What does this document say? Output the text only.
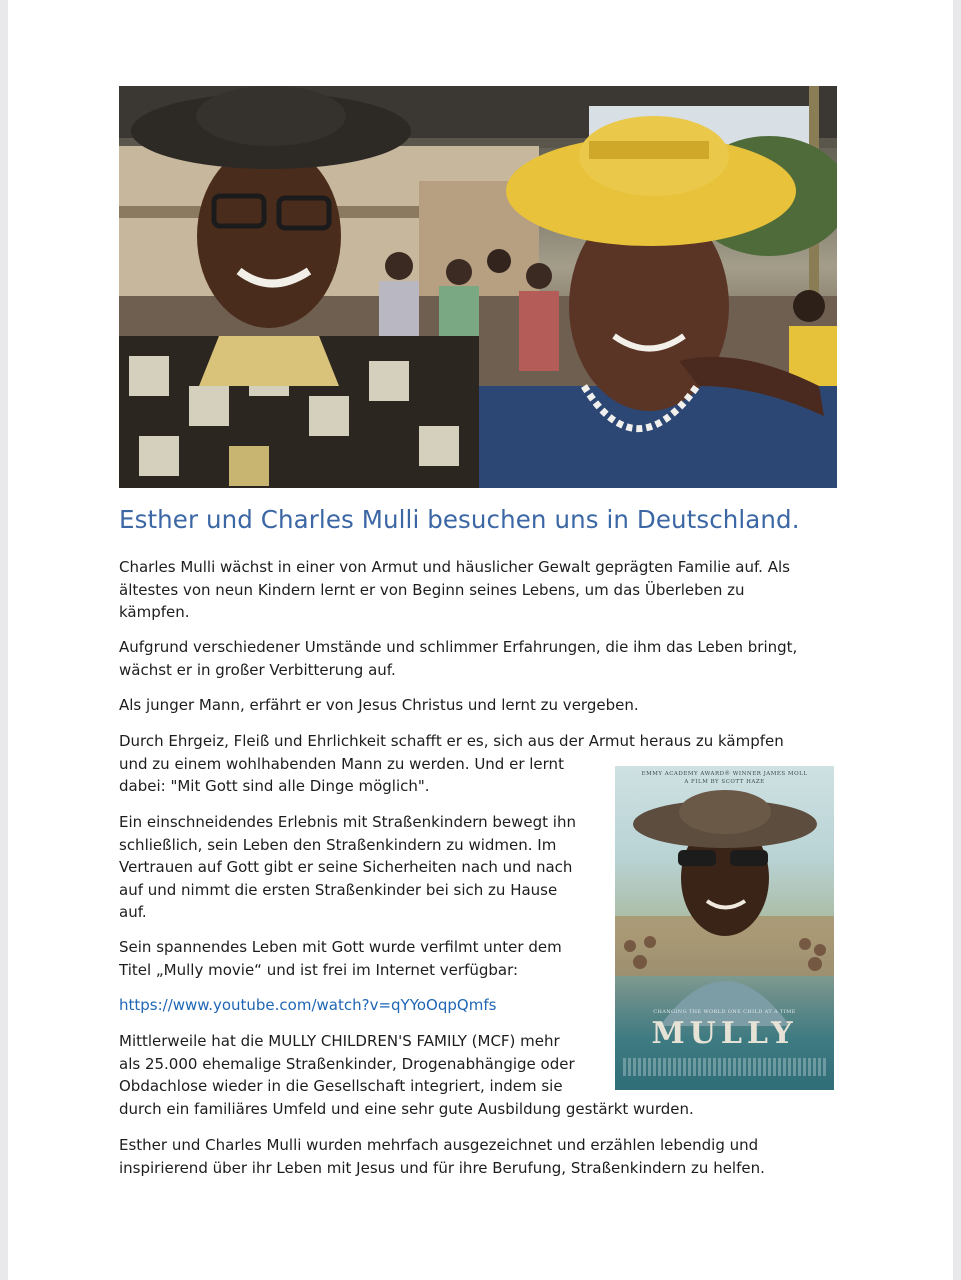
Esther und Charles Mulli besuchen uns in Deutschland.
Charles Mulli wächst in einer von Armut und häuslicher Gewalt geprägten Familie auf. Als
ältestes von neun Kindern lernt er von Beginn seines Lebens, um das Überleben zu
kämpfen.
Aufgrund verschiedener Umstände und schlimmer Erfahrungen, die ihm das Leben bringt,
wächst er in großer Verbitterung auf.
Als junger Mann, erfährt er von Jesus Christus und lernt zu vergeben.
Durch Ehrgeiz, Fleiß und Ehrlichkeit schafft er es, sich aus der Armut heraus zu kämpfen
und zu einem wohlhabenden Mann zu werden. Und er lernt
dabei: "Mit Gott sind alle Dinge möglich".
Ein einschneidendes Erlebnis mit Straßenkindern bewegt ihn
schließlich, sein Leben den Straßenkindern zu widmen. Im
Vertrauen auf Gott gibt er seine Sicherheiten nach und nach
auf und nimmt die ersten Straßenkinder bei sich zu Hause
auf.
Sein spannendes Leben mit Gott wurde verfilmt unter dem
Titel „Mully movie“ und ist frei im Internet verfügbar:
https://www.youtube.com/watch?v=qYYoOqpQmfs
Mittlerweile hat die MULLY CHILDREN'S FAMILY (MCF) mehr
als 25.000 ehemalige Straßenkinder, Drogenabhängige oder
Obdachlose wieder in die Gesellschaft integriert, indem sie
durch ein familiäres Umfeld und eine sehr gute Ausbildung gestärkt wurden.
Esther und Charles Mulli wurden mehrfach ausgezeichnet und erzählen lebendig und
inspirierend über ihr Leben mit Jesus und für ihre Berufung, Straßenkindern zu helfen.
EMMY ACADEMY AWARD® WINNER JAMES MOLL
A FILM BY SCOTT HAZE
CHANGING THE WORLD ONE CHILD AT A TIME
MULLY
